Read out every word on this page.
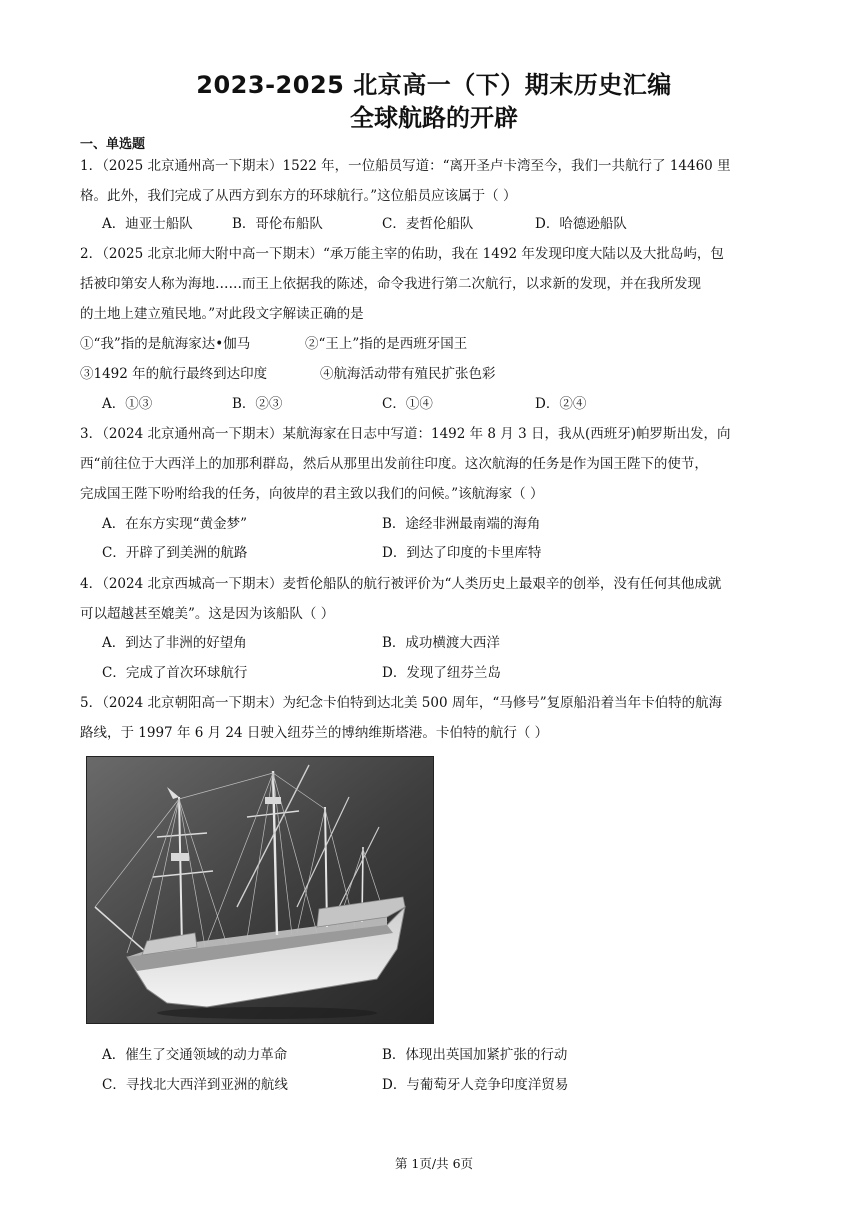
2023-2025 北京高一（下）期末历史汇编
全球航路的开辟
一、单选题
1．（2025 北京通州高一下期末）1522 年，一位船员写道：“离开圣卢卡湾至今，我们一共航行了 14460 里
格。此外，我们完成了从西方到东方的环球航行。”这位船员应该属于（ ）
A．迪亚士船队	B．哥伦布船队	C．麦哲伦船队	D．哈德逊船队
2．（2025 北京北师大附中高一下期末）“承万能主宰的佑助，我在 1492 年发现印度大陆以及大批岛屿，包
括被印第安人称为海地……而王上依据我的陈述，命令我进行第二次航行，以求新的发现，并在我所发现
的土地上建立殖民地。”对此段文字解读正确的是
①“我”指的是航海家达•伽马	②“王上”指的是西班牙国王
③1492 年的航行最终到达印度	④航海活动带有殖民扩张色彩
A．①③	B．②③	C．①④	D．②④
3．（2024 北京通州高一下期末）某航海家在日志中写道：1492 年 8 月 3 日，我从(西班牙)帕罗斯出发，向
西“前往位于大西洋上的加那利群岛，然后从那里出发前往印度。这次航海的任务是作为国王陛下的使节，
完成国王陛下吩咐给我的任务，向彼岸的君主致以我们的问候。”该航海家（ ）
A．在东方实现“黄金梦”	B．途经非洲最南端的海角
C．开辟了到美洲的航路	D．到达了印度的卡里库特
4．（2024 北京西城高一下期末）麦哲伦船队的航行被评价为“人类历史上最艰辛的创举，没有任何其他成就
可以超越甚至媲美”。这是因为该船队（ ）
A．到达了非洲的好望角	B．成功横渡大西洋
C．完成了首次环球航行	D．发现了纽芬兰岛
5．（2024 北京朝阳高一下期末）为纪念卡伯特到达北美 500 周年，“马修号”复原船沿着当年卡伯特的航海
路线，于 1997 年 6 月 24 日驶入纽芬兰的博纳维斯塔港。卡伯特的航行（ ）
A．催生了交通领域的动力革命	B．体现出英国加紧扩张的行动
C．寻找北大西洋到亚洲的航线	D．与葡萄牙人竞争印度洋贸易
第 1页/共 6页
